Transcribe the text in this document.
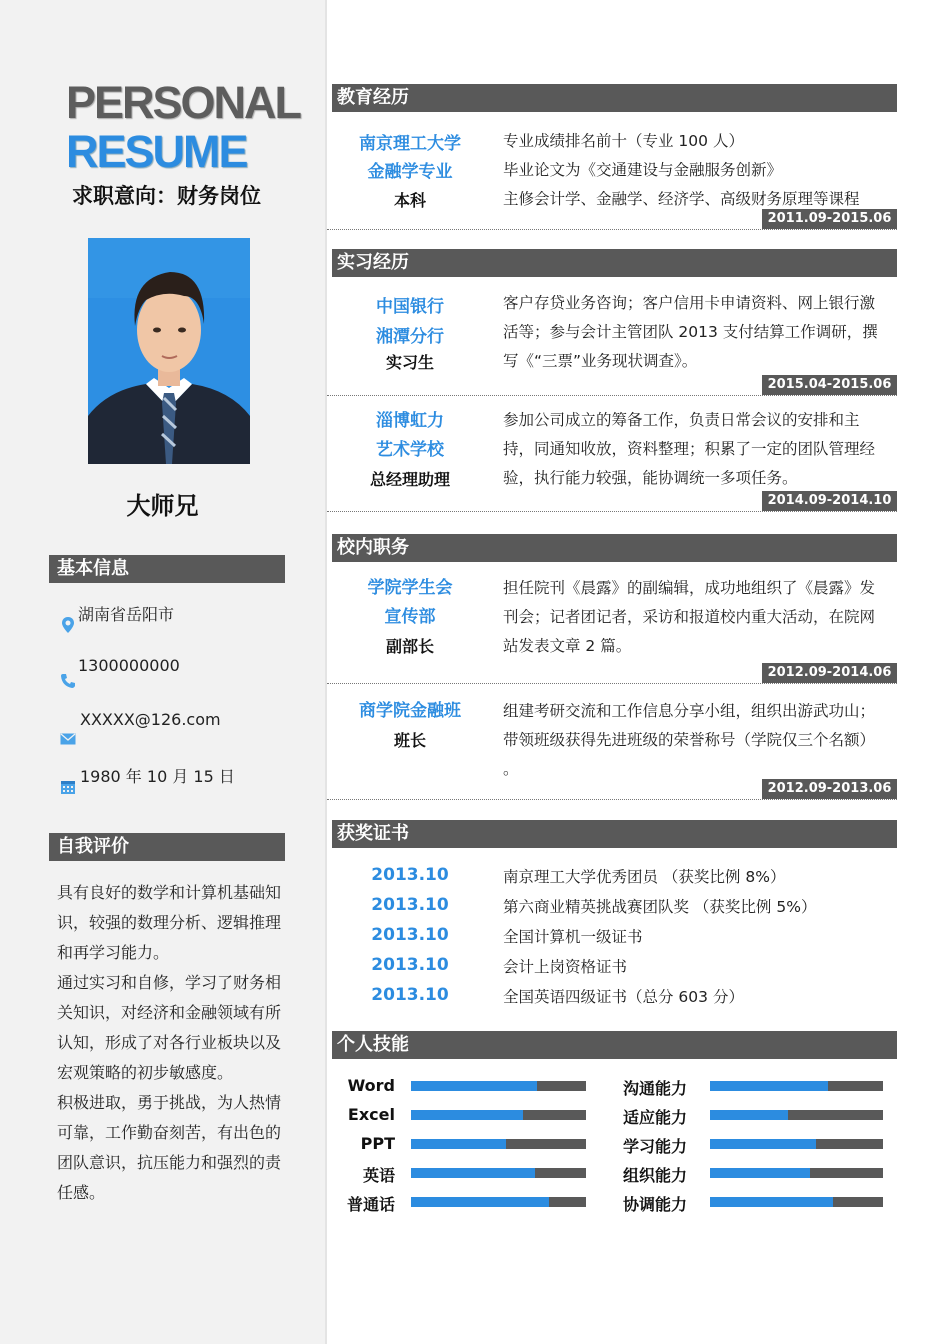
PERSONAL
RESUME
求职意向：财务岗位
大师兄
基本信息
湖南省岳阳市
1300000000
XXXXX@126.com
1980 年 10 月 15 日
自我评价

具有良好的数学和计算机基础知识，较强的数理分析、逻辑推理和再学习能力。

通过实习和自修，学习了财务相关知识，对经济和金融领域有所认知，形成了对各行业板块以及宏观策略的初步敏感度。

积极进取，勇于挑战，为人热情可靠，工作勤奋刻苦，有出色的团队意识，抗压能力和强烈的责任感。

教育经历
南京理工大学
金融学专业
本科
专业成绩排名前十（专业 100 人）
毕业论文为《交通建设与金融服务创新》
主修会计学、金融学、经济学、高级财务原理等课程
2011.09-2015.06
实习经历
中国银行
湘潭分行
实习生
客户存贷业务咨询；客户信用卡申请资料、网上银行激
活等；参与会计主管团队 2013 支付结算工作调研，撰
写《“三票”业务现状调查》。
2015.04-2015.06
淄博虹力
艺术学校
总经理助理
参加公司成立的筹备工作，负责日常会议的安排和主
持，同通知收放，资料整理；积累了一定的团队管理经
验，执行能力较强，能协调统一多项任务。
2014.09-2014.10
校内职务
学院学生会
宣传部
副部长
担任院刊《晨露》的副编辑，成功地组织了《晨露》发
刊会；记者团记者，采访和报道校内重大活动，在院网
站发表文章 2 篇。
2012.09-2014.06
商学院金融班
班长
组建考研交流和工作信息分享小组，组织出游武功山；
带领班级获得先进班级的荣誉称号（学院仅三个名额）
。
2012.09-2013.06
获奖证书
2013.10	南京理工大学优秀团员 （获奖比例 8%）
2013.10	第六商业精英挑战赛团队奖 （获奖比例 5%）
2013.10	全国计算机一级证书
2013.10	会计上岗资格证书
2013.10	全国英语四级证书（总分 603 分）
个人技能
Word
Excel
PPT
英语
普通话
沟通能力
适应能力
学习能力
组织能力
协调能力
